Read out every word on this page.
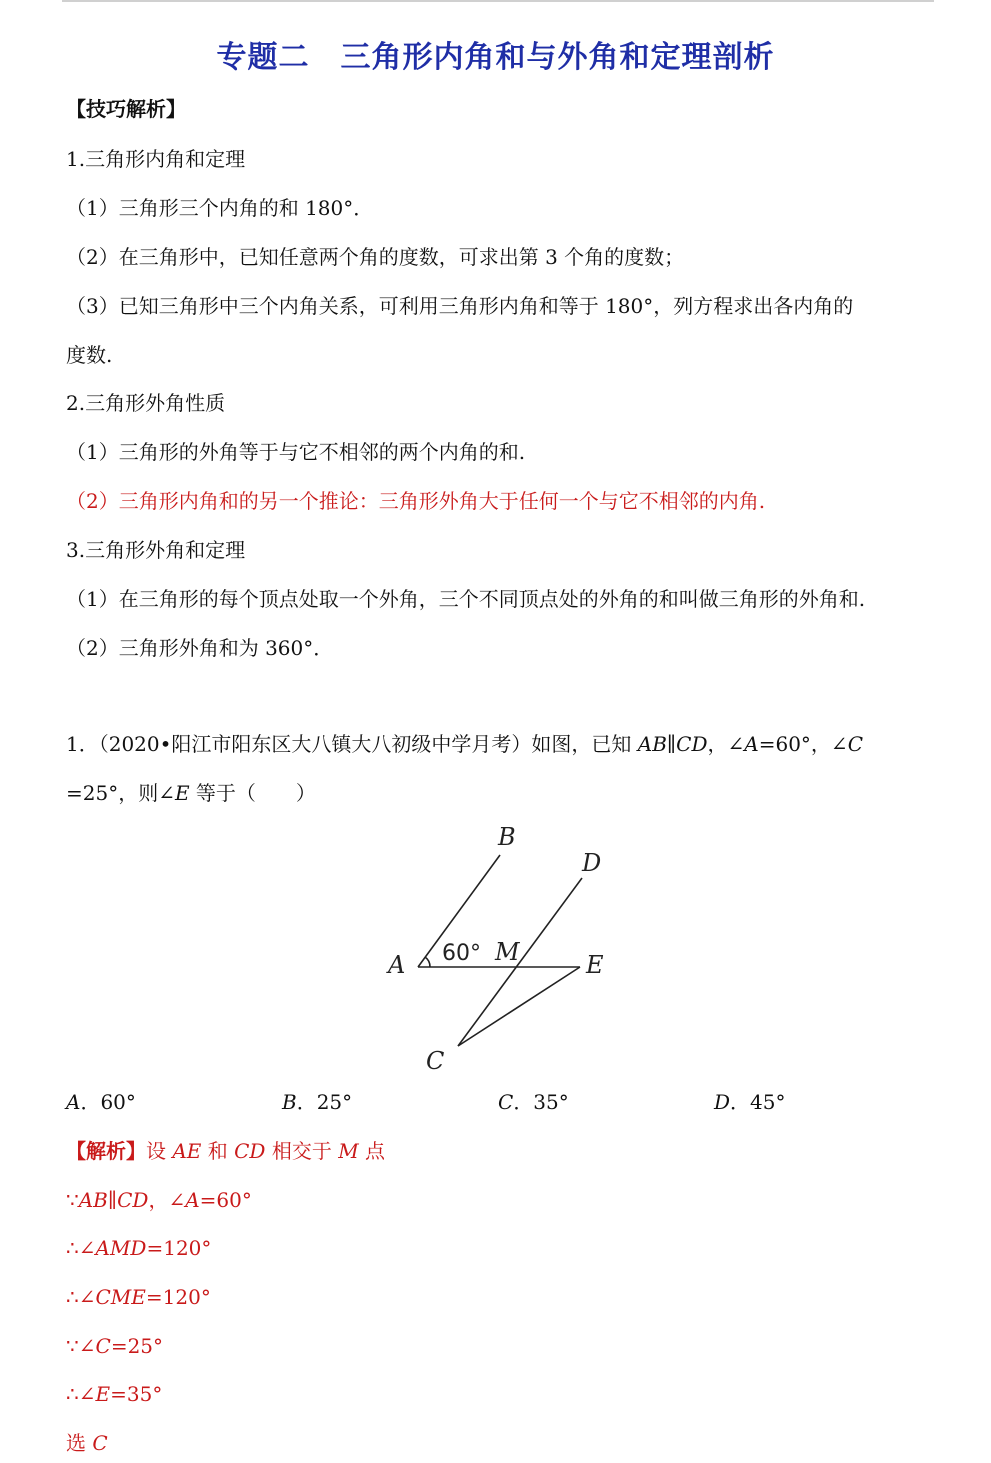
专题二　三角形内角和与外角和定理剖析
【技巧解析】
1.三角形内角和定理
（1）三角形三个内角的和 180°．
（2）在三角形中，已知任意两个角的度数，可求出第 3 个角的度数；
（3）已知三角形中三个内角关系，可利用三角形内角和等于 180°，列方程求出各内角的
度数.
2.三角形外角性质
（1）三角形的外角等于与它不相邻的两个内角的和.
（2）三角形内角和的另一个推论：三角形外角大于任何一个与它不相邻的内角.
3.三角形外角和定理
（1）在三角形的每个顶点处取一个外角，三个不同顶点处的外角的和叫做三角形的外角和.
（2）三角形外角和为 360°．
1．（2020•阳江市阳东区大八镇大八初级中学月考）如图，已知 AB∥CD，∠A=60°，∠C
=25°，则∠E 等于（　　）
B
D
A	M	E
C
60°
A．60°	B．25°	C．35°	D．45°
【解析】设 AE 和 CD 相交于 M 点
∵AB∥CD，∠A=60°
∴∠AMD=120°
∴∠CME=120°
∵∠C=25°
∴∠E=35°
选 C
